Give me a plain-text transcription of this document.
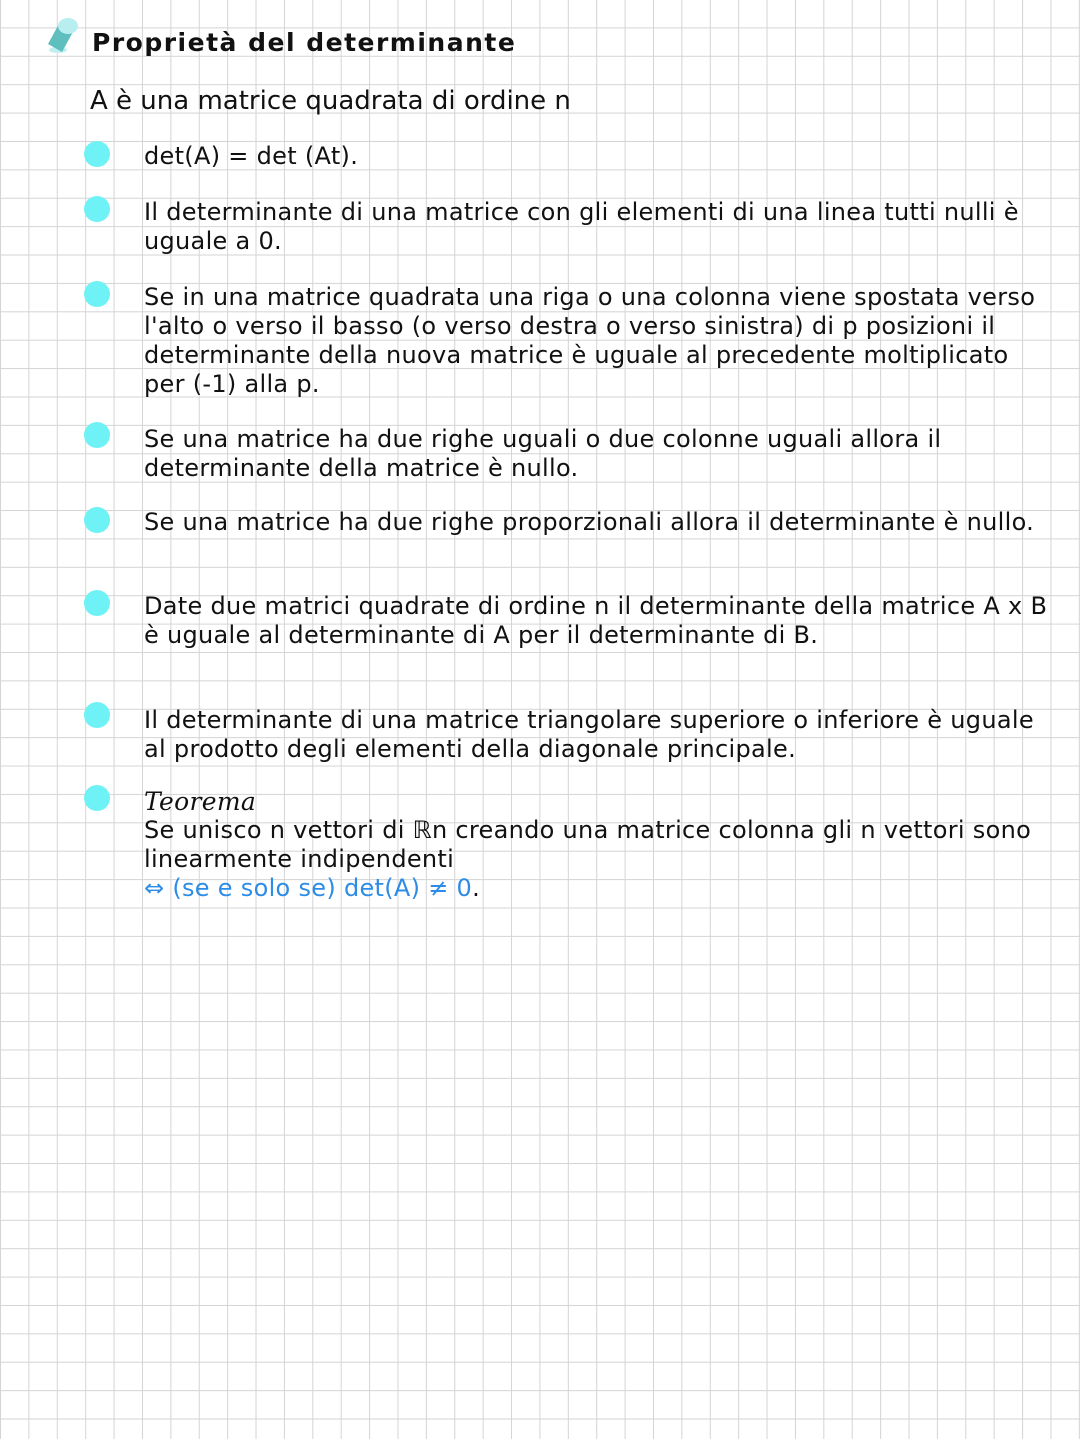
Proprietà del determinante
A è una matrice quadrata di ordine n
det(A) = det (At).
Il determinante di una matrice con gli elementi di una linea tutti nulli è uguale a 0.
Se in una matrice quadrata una riga o una colonna viene spostata verso l'alto o verso il basso (o verso destra o verso sinistra) di p posizioni il determinante della nuova matrice è uguale al precedente moltiplicato per (-1) alla p.
Se una matrice ha due righe uguali o due colonne uguali allora il determinante della matrice è nullo.
Se una matrice ha due righe proporzionali allora il determinante è nullo.
Date due matrici quadrate di ordine n il determinante della matrice A x B è uguale al determinante di A per il determinante di B.
Il determinante di una matrice triangolare superiore o inferiore è uguale al prodotto degli elementi della diagonale principale.
Teorema
Se unisco n vettori di ℝn creando una matrice colonna gli n vettori sono linearmente indipendenti
⇔ (se e solo se) det(A) ≠ 0.
